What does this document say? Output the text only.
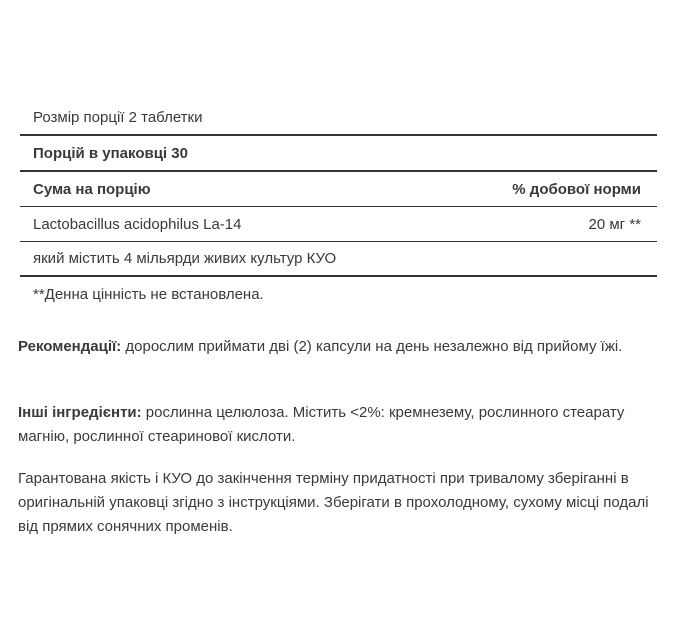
Розмір порції 2 таблетки
Порцій в упаковці 30
Сума на порцію	% добової норми
Lactobacillus acidophilus La-14	20 мг **
який містить 4 мільярди живих культур КУО
**Денна цінність не встановлена.

Рекомендації: дорослим приймати дві (2) капсули на день незалежно від прийому їжі.

Інші інгредієнти: рослинна целюлоза. Містить <2%: кремнезему, рослинного стеарату магнію, рослинної стеаринової кислоти.

Гарантована якість і КУО до закінчення терміну придатності при тривалому зберіганні в оригінальній упаковці згідно з інструкціями. Зберігати в прохолодному, сухому місці подалі від прямих сонячних променів.
